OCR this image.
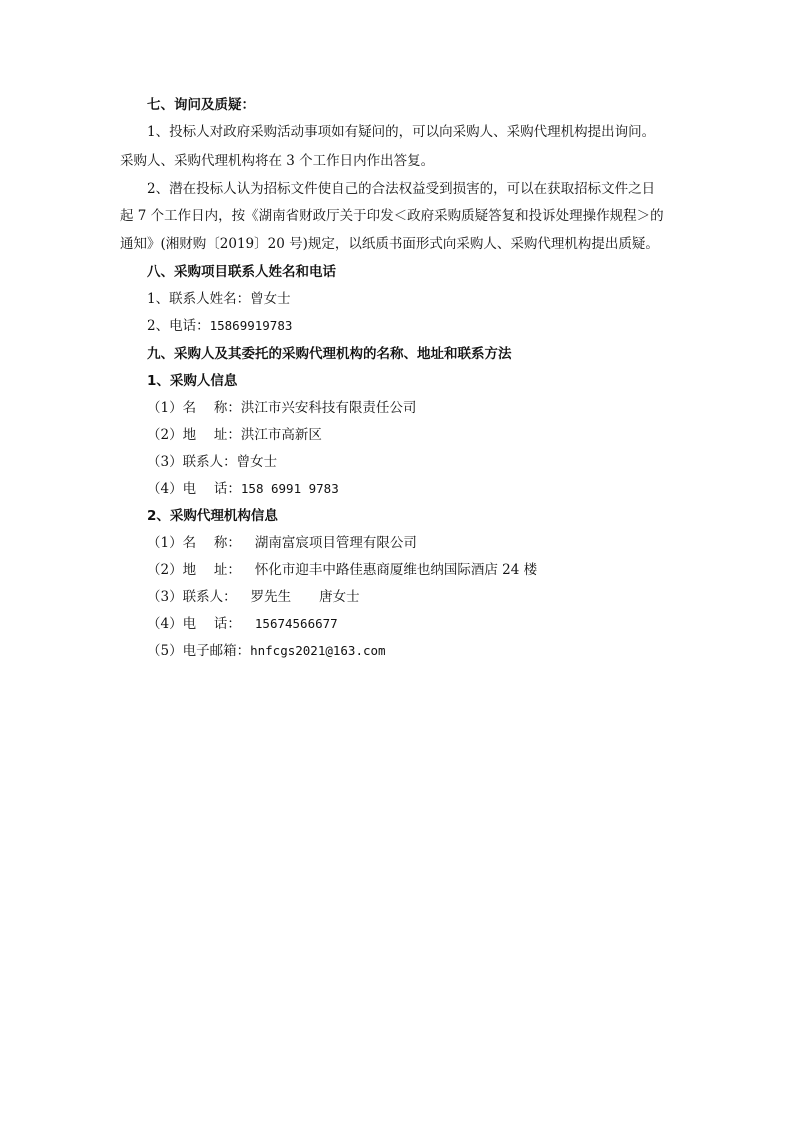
七、询问及质疑：
1、投标人对政府采购活动事项如有疑问的，可以向采购人、采购代理机构提出询问。
采购人、采购代理机构将在 3 个工作日内作出答复。
2、潜在投标人认为招标文件使自己的合法权益受到损害的，可以在获取招标文件之日
起 7 个工作日内，按《湖南省财政厅关于印发＜政府采购质疑答复和投诉处理操作规程＞的
通知》(湘财购〔2019〕20 号)规定，以纸质书面形式向采购人、采购代理机构提出质疑。
八、采购项目联系人姓名和电话
1、联系人姓名：曾女士
2、电话：15869919783
九、采购人及其委托的采购代理机构的名称、地址和联系方法
1、采购人信息
（1）名　 称：洪江市兴安科技有限责任公司
（2）地　 址：洪江市高新区
（3）联系人：曾女士
（4）电　 话：158 6991 9783
2、采购代理机构信息
（1）名　 称： 湖南富宸项目管理有限公司
（2）地　 址： 怀化市迎丰中路佳惠商厦维也纳国际酒店 24 楼
（3）联系人： 罗先生 唐女士
（4）电　 话： 15674566677
（5）电子邮箱：hnfcgs2021@163.com
